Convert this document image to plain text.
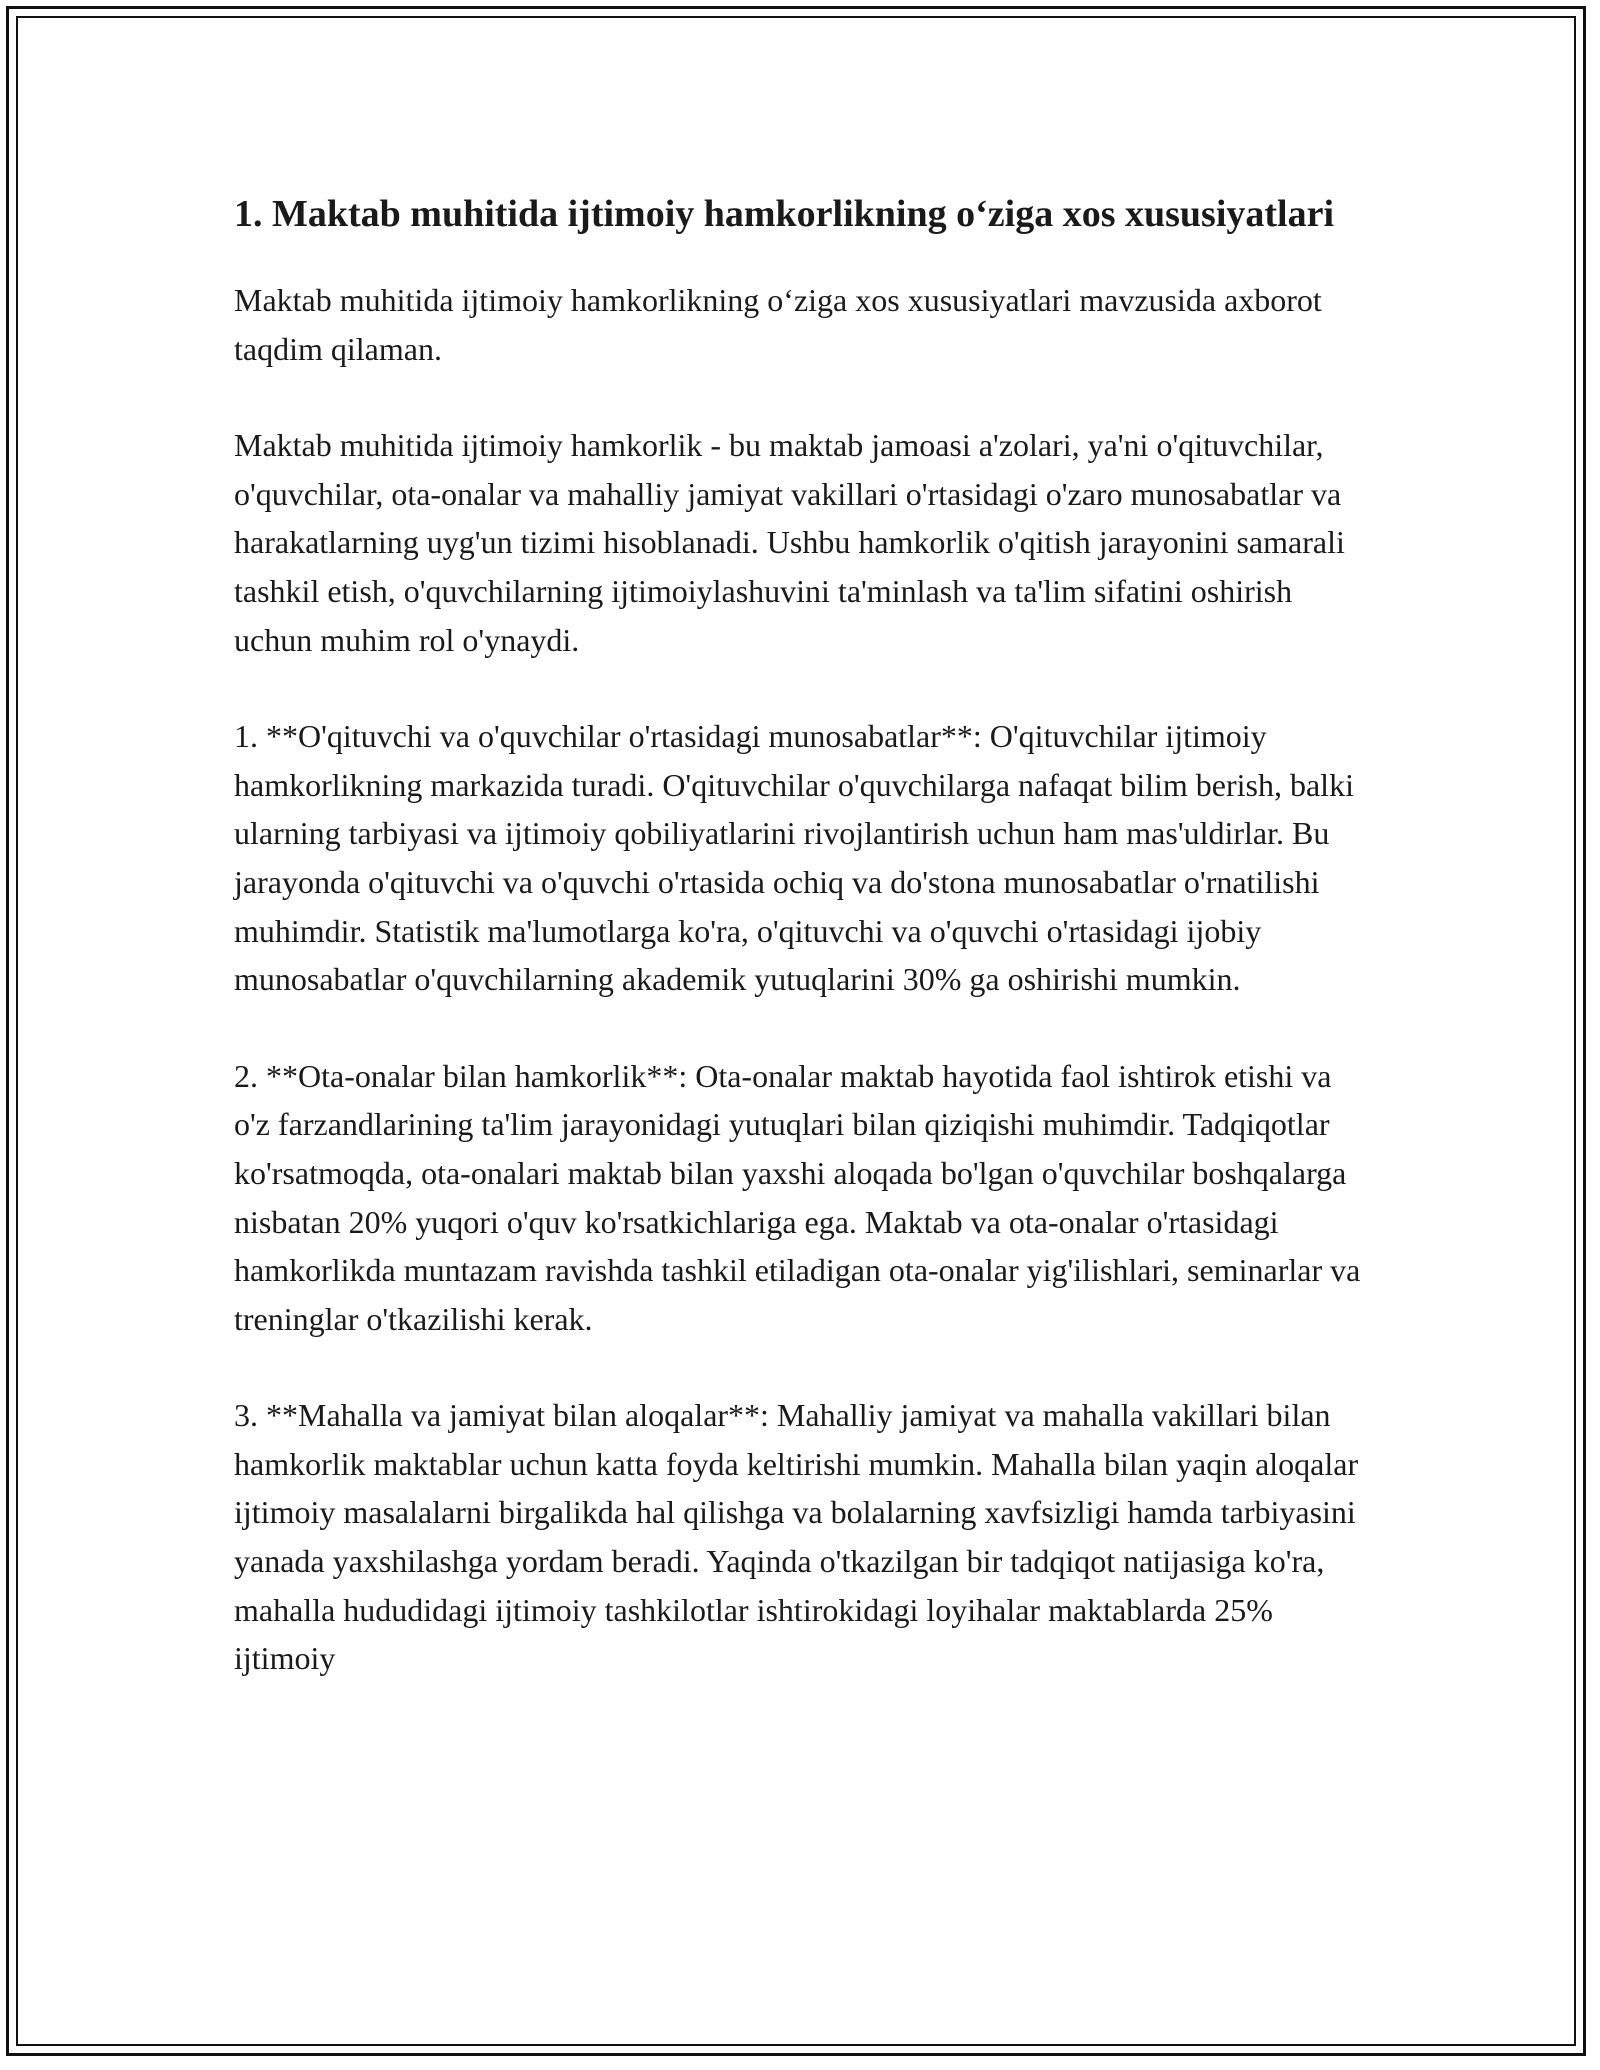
1. Maktab muhitida ijtimoiy hamkorlikning o‘ziga xos xususiyatlari

Maktab muhitida ijtimoiy hamkorlikning o‘ziga xos xususiyatlari mavzusida axborot taqdim qilaman.

Maktab muhitida ijtimoiy hamkorlik - bu maktab jamoasi a'zolari, ya'ni o'qituvchilar, o'quvchilar, ota-onalar va mahalliy jamiyat vakillari o'rtasidagi o'zaro munosabatlar va harakatlarning uyg'un tizimi hisoblanadi. Ushbu hamkorlik o'qitish jarayonini samarali tashkil etish, o'quvchilarning ijtimoiylashuvini ta'minlash va ta'lim sifatini oshirish uchun muhim rol o'ynaydi.

1. **O'qituvchi va o'quvchilar o'rtasidagi munosabatlar**: O'qituvchilar ijtimoiy hamkorlikning markazida turadi. O'qituvchilar o'quvchilarga nafaqat bilim berish, balki ularning tarbiyasi va ijtimoiy qobiliyatlarini rivojlantirish uchun ham mas'uldirlar. Bu jarayonda o'qituvchi va o'quvchi o'rtasida ochiq va do'stona munosabatlar o'rnatilishi muhimdir. Statistik ma'lumotlarga ko'ra, o'qituvchi va o'quvchi o'rtasidagi ijobiy munosabatlar o'quvchilarning akademik yutuqlarini 30% ga oshirishi mumkin.

2. **Ota-onalar bilan hamkorlik**: Ota-onalar maktab hayotida faol ishtirok etishi va o'z farzandlarining ta'lim jarayonidagi yutuqlari bilan qiziqishi muhimdir. Tadqiqotlar ko'rsatmoqda, ota-onalari maktab bilan yaxshi aloqada bo'lgan o'quvchilar boshqalarga nisbatan 20% yuqori o'quv ko'rsatkichlariga ega. Maktab va ota-onalar o'rtasidagi hamkorlikda muntazam ravishda tashkil etiladigan ota-onalar yig'ilishlari, seminarlar va treninglar o'tkazilishi kerak.

3. **Mahalla va jamiyat bilan aloqalar**: Mahalliy jamiyat va mahalla vakillari bilan hamkorlik maktablar uchun katta foyda keltirishi mumkin. Mahalla bilan yaqin aloqalar ijtimoiy masalalarni birgalikda hal qilishga va bolalarning xavfsizligi hamda tarbiyasini yanada yaxshilashga yordam beradi. Yaqinda o'tkazilgan bir tadqiqot natijasiga ko'ra, mahalla hududidagi ijtimoiy tashkilotlar ishtirokidagi loyihalar maktablarda 25% ijtimoiy
